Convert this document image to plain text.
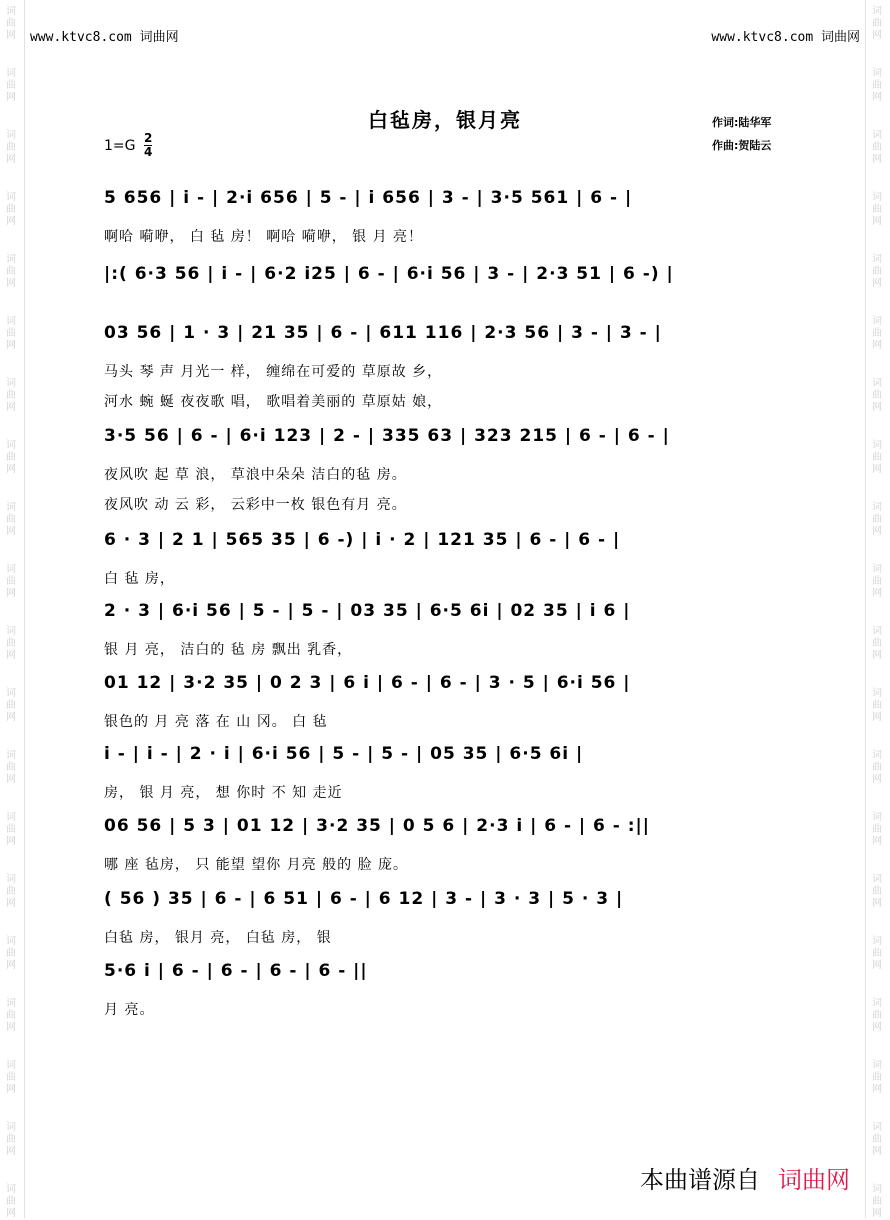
词曲网
词曲网
词曲网
词曲网
词曲网
词曲网
词曲网
词曲网
词曲网
词曲网
词曲网
词曲网
词曲网
词曲网
词曲网
词曲网
词曲网
词曲网
词曲网
词曲网
词曲网
词曲网
词曲网
词曲网
词曲网
词曲网
词曲网
词曲网
词曲网
词曲网
词曲网
词曲网
词曲网
词曲网
词曲网
词曲网
词曲网
词曲网
词曲网
词曲网
www.ktvc8.com 词曲网	www.ktvc8.com 词曲网
白毡房，银月亮	作词:陆华军
作曲:贺陆云
1=G 2
4
5 656 | i - | 2·i 656 | 5 - | i 656 | 3 - | 3·5 561 | 6 - |
啊哈 嗬咿， 白 毡 房！ 啊哈 嗬咿， 银 月 亮！
|:( 6·3 56 | i - | 6·2 i25 | 6 - | 6·i 56 | 3 - | 2·3 51 | 6 -) |
03 56 | 1 · 3 | 21 35 | 6 - | 611 116 | 2·3 56 | 3 - | 3 - |
马头 琴 声 月光一 样， 缠绵在可爱的 草原故 乡，
河水 蜿 蜒 夜夜歌 唱， 歌唱着美丽的 草原姑 娘，
3·5 56 | 6 - | 6·i 123 | 2 - | 335 63 | 323 215 | 6 - | 6 - |
夜风吹 起 草 浪， 草浪中朵朵 洁白的毡 房。
夜风吹 动 云 彩， 云彩中一枚 银色有月 亮。
6 · 3 | 2 1 | 565 35 | 6 -) | i · 2 | 121 35 | 6 - | 6 - |
白 毡 房，
2 · 3 | 6·i 56 | 5 - | 5 - | 03 35 | 6·5 6i | 02 35 | i 6 |
银 月 亮， 洁白的 毡 房 飘出 乳香，
01 12 | 3·2 35 | 0 2 3 | 6 i | 6 - | 6 - | 3 · 5 | 6·i 56 |
银色的 月 亮 落 在 山 冈。 白 毡
i - | i - | 2 · i | 6·i 56 | 5 - | 5 - | 05 35 | 6·5 6i |
房， 银 月 亮， 想 你时 不 知 走近
06 56 | 5 3 | 01 12 | 3·2 35 | 0 5 6 | 2·3 i | 6 - | 6 - :||
哪 座 毡房， 只 能望 望你 月亮 般的 脸 庞。
( 56 ) 35 | 6 - | 6 51 | 6 - | 6 12 | 3 - | 3 · 3 | 5 · 3 |
白毡 房， 银月 亮， 白毡 房， 银
5·6 i | 6 - | 6 - | 6 - | 6 - ||
月 亮。
本曲谱源自 词曲网
